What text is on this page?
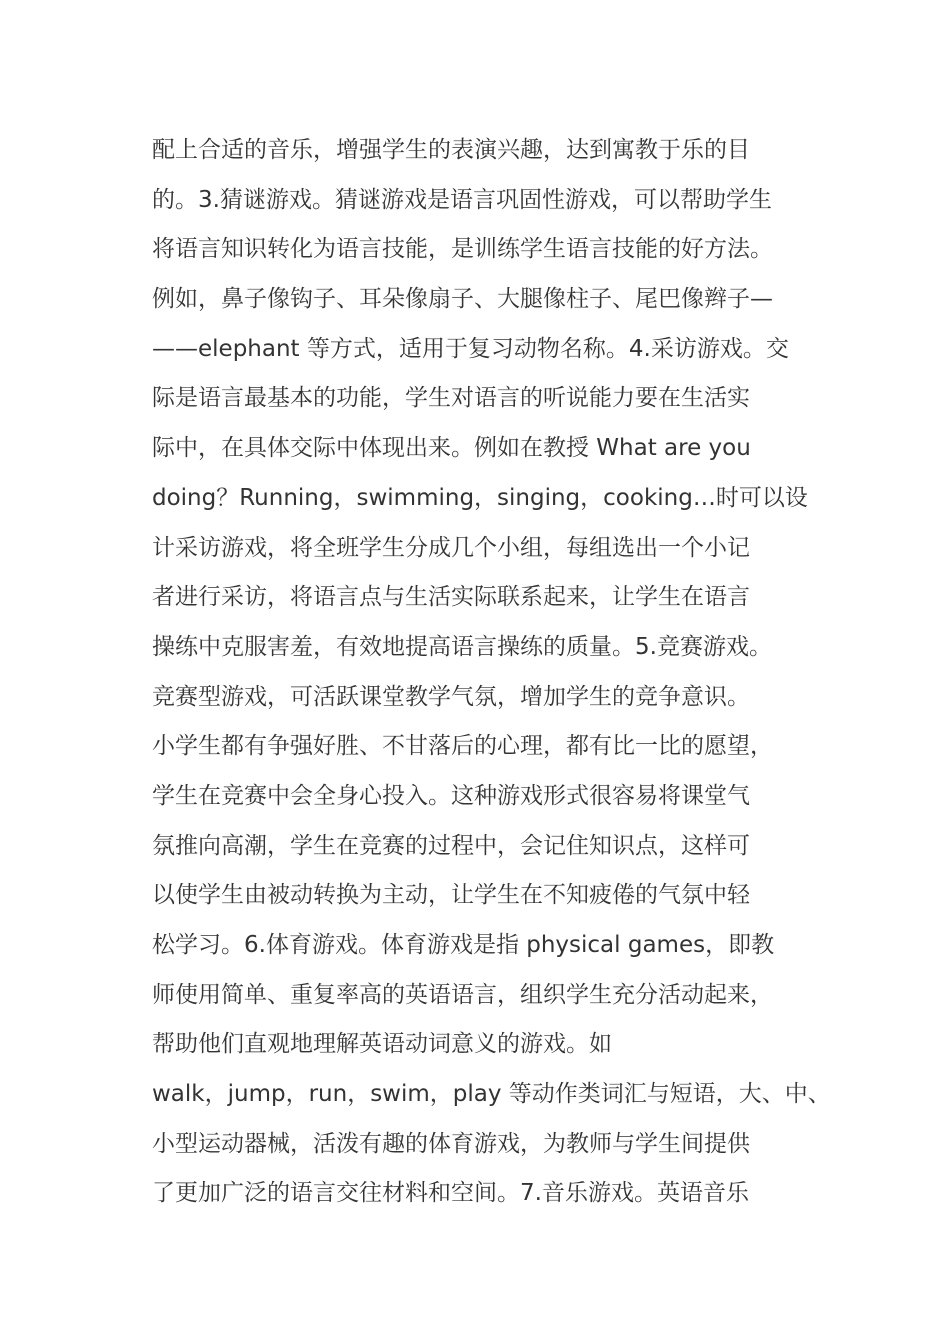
配上合适的音乐，增强学生的表演兴趣，达到寓教于乐的目
的。3.猜谜游戏。猜谜游戏是语言巩固性游戏，可以帮助学生
将语言知识转化为语言技能，是训练学生语言技能的好方法。
例如，鼻子像钩子、耳朵像扇子、大腿像柱子、尾巴像辫子—
——elephant 等方式，适用于复习动物名称。4.采访游戏。交
际是语言最基本的功能，学生对语言的听说能力要在生活实
际中，在具体交际中体现出来。例如在教授 What are you
doing？Running，swimming，singing，cooking…时可以设
计采访游戏，将全班学生分成几个小组，每组选出一个小记
者进行采访，将语言点与生活实际联系起来，让学生在语言
操练中克服害羞，有效地提高语言操练的质量。5.竞赛游戏。
竞赛型游戏，可活跃课堂教学气氛，增加学生的竞争意识。
小学生都有争强好胜、不甘落后的心理，都有比一比的愿望，
学生在竞赛中会全身心投入。这种游戏形式很容易将课堂气
氛推向高潮，学生在竞赛的过程中，会记住知识点，这样可
以使学生由被动转换为主动，让学生在不知疲倦的气氛中轻
松学习。6.体育游戏。体育游戏是指 physical games，即教
师使用简单、重复率高的英语语言，组织学生充分活动起来，
帮助他们直观地理解英语动词意义的游戏。如
walk，jump，run，swim，play 等动作类词汇与短语，大、中、
小型运动器械，活泼有趣的体育游戏，为教师与学生间提供
了更加广泛的语言交往材料和空间。7.音乐游戏。英语音乐
